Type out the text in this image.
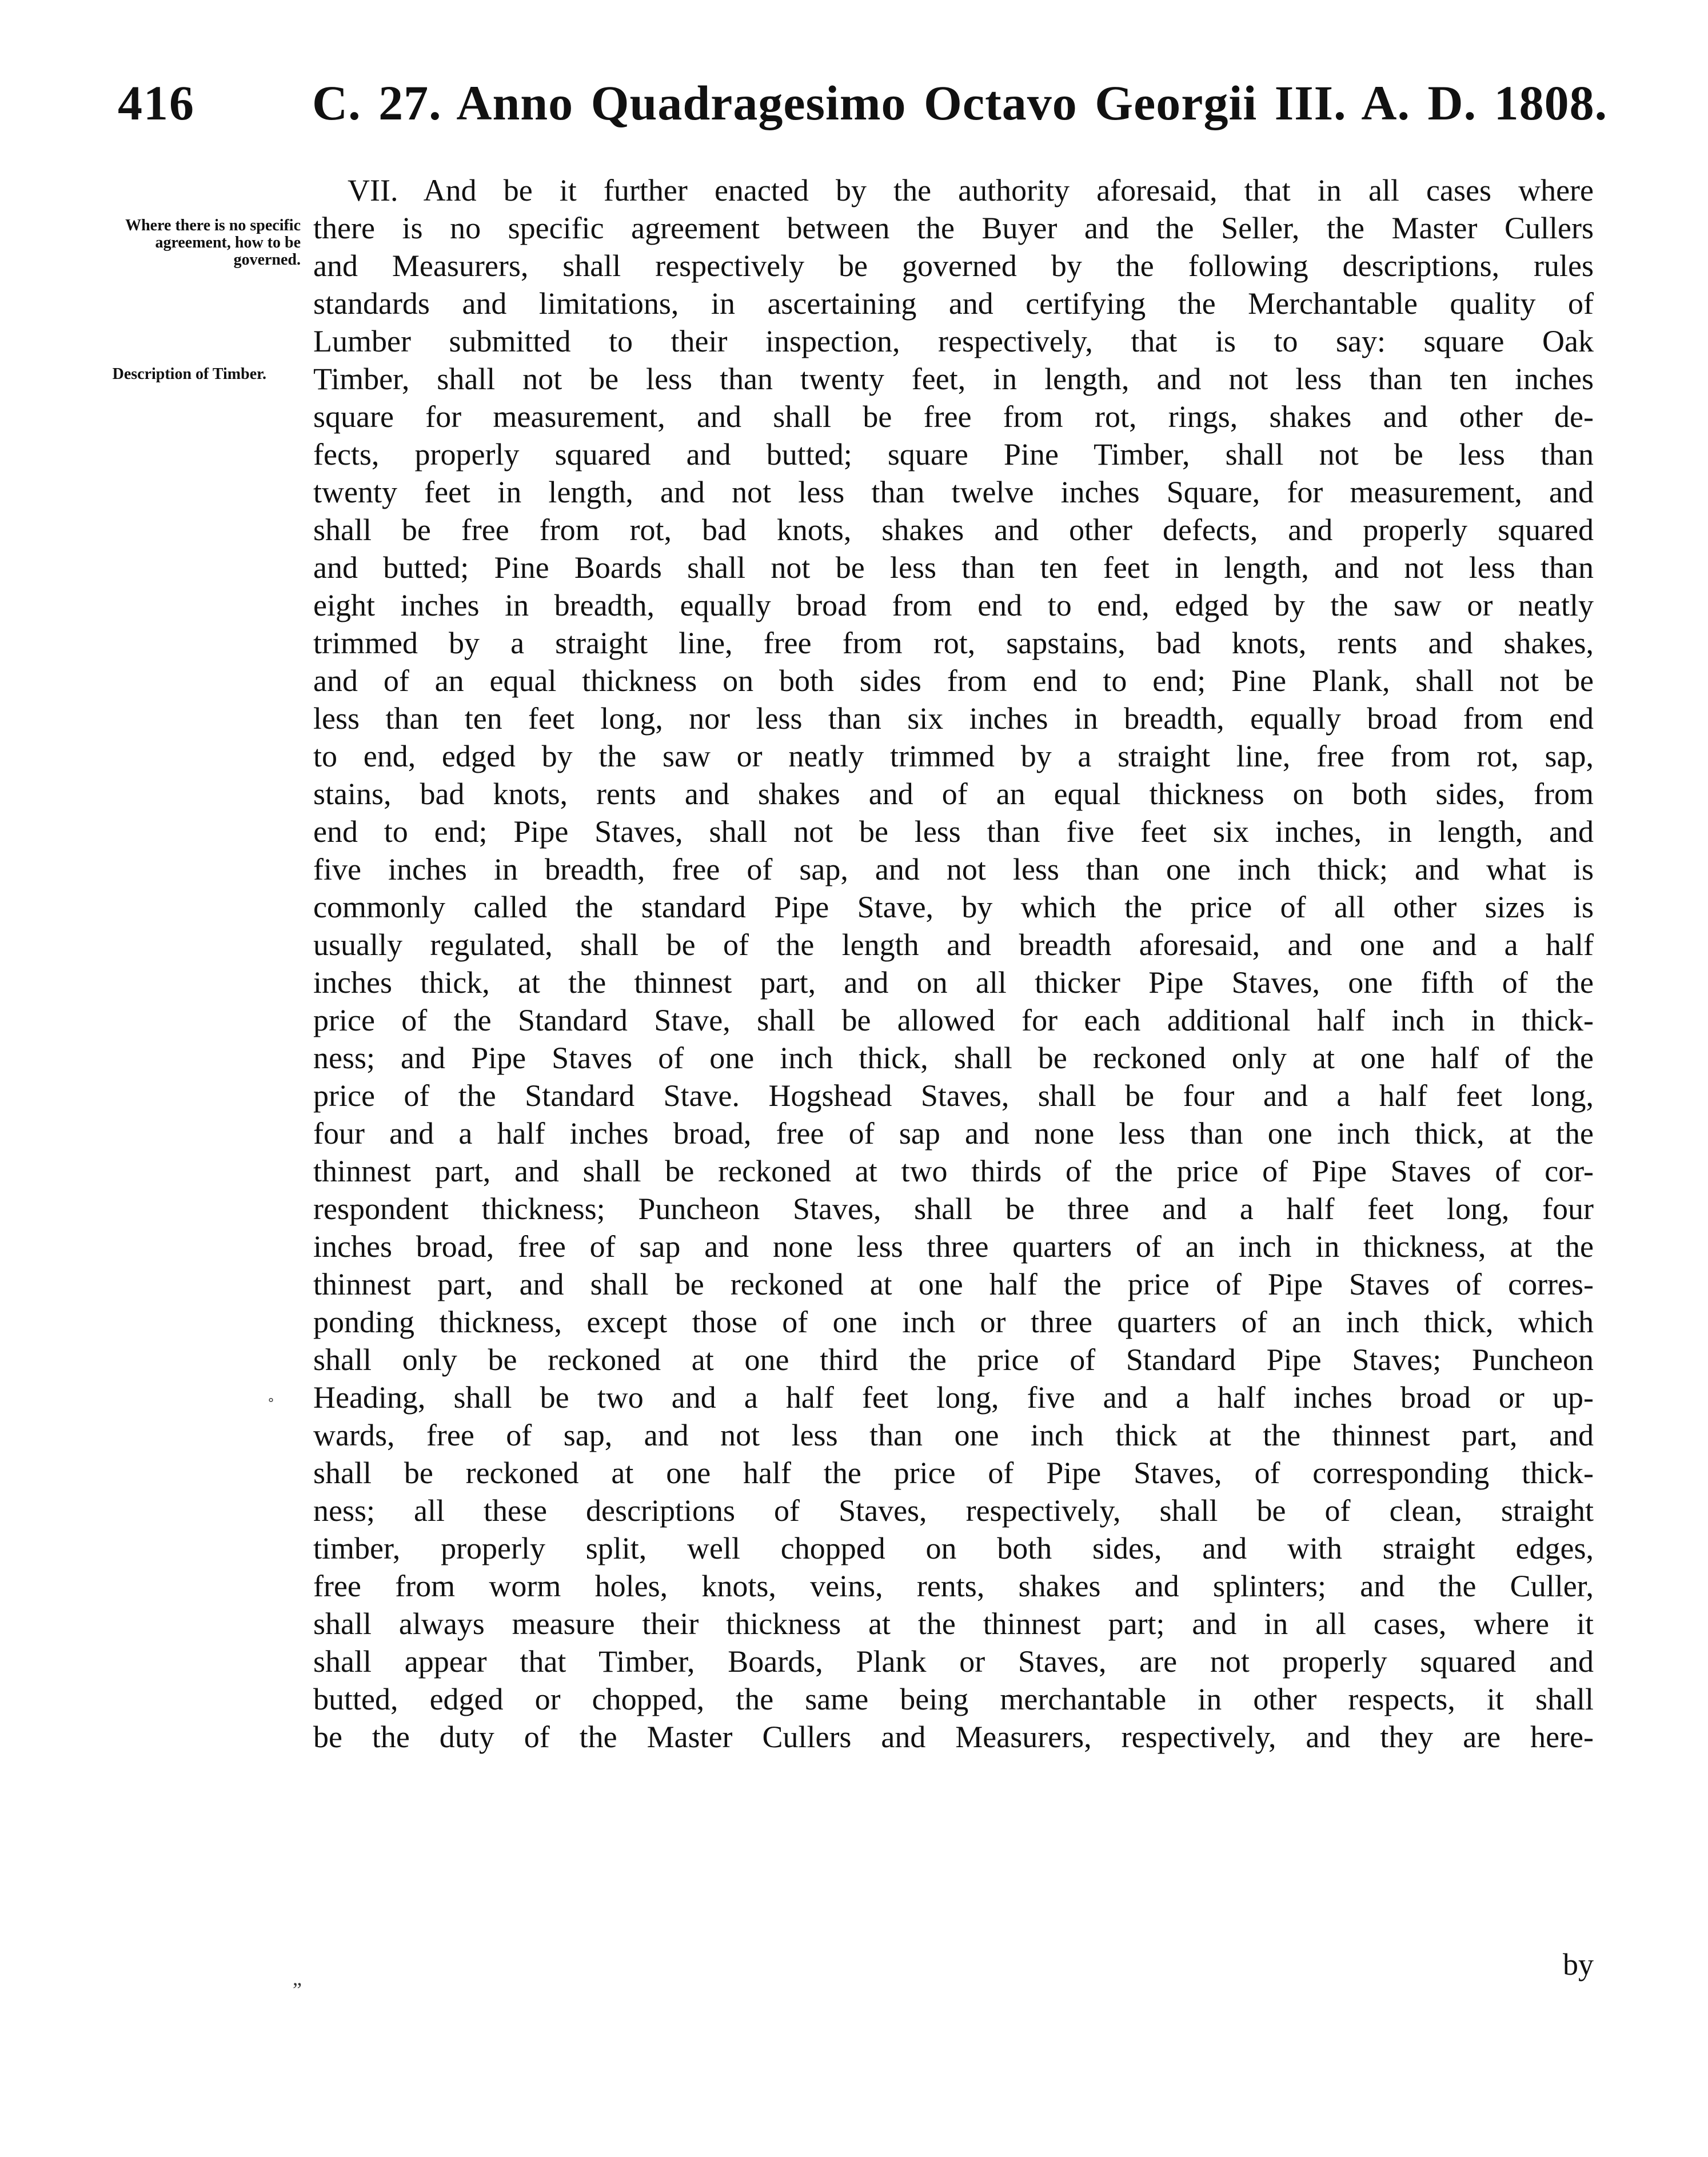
416 C. 27. Anno Quadragesimo Octavo Georgii III. A. D. 1808.
Where there is no specific agreement, how to be governed.
Description of Timber.
VII. And be it further enacted by the authority aforesaid, that in all cases where
there is no specific agreement between the Buyer and the Seller, the Master Cullers
and Measurers, shall respectively be governed by the following descriptions, rules
standards and limitations, in ascertaining and certifying the Merchantable quality of
Lumber submitted to their inspection, respectively, that is to say: square Oak
Timber, shall not be less than twenty feet, in length, and not less than ten inches
square for measurement, and shall be free from rot, rings, shakes and other de-
fects, properly squared and butted; square Pine Timber, shall not be less than
twenty feet in length, and not less than twelve inches Square, for measurement, and
shall be free from rot, bad knots, shakes and other defects, and properly squared
and butted; Pine Boards shall not be less than ten feet in length, and not less than
eight inches in breadth, equally broad from end to end, edged by the saw or neatly
trimmed by a straight line, free from rot, sapstains, bad knots, rents and shakes,
and of an equal thickness on both sides from end to end; Pine Plank, shall not be
less than ten feet long, nor less than six inches in breadth, equally broad from end
to end, edged by the saw or neatly trimmed by a straight line, free from rot, sap,
stains, bad knots, rents and shakes and of an equal thickness on both sides, from
end to end; Pipe Staves, shall not be less than five feet six inches, in length, and
five inches in breadth, free of sap, and not less than one inch thick; and what is
commonly called the standard Pipe Stave, by which the price of all other sizes is
usually regulated, shall be of the length and breadth aforesaid, and one and a half
inches thick, at the thinnest part, and on all thicker Pipe Staves, one fifth of the
price of the Standard Stave, shall be allowed for each additional half inch in thick-
ness; and Pipe Staves of one inch thick, shall be reckoned only at one half of the
price of the Standard Stave. Hogshead Staves, shall be four and a half feet long,
four and a half inches broad, free of sap and none less than one inch thick, at the
thinnest part, and shall be reckoned at two thirds of the price of Pipe Staves of cor-
respondent thickness; Puncheon Staves, shall be three and a half feet long, four
inches broad, free of sap and none less three quarters of an inch in thickness, at the
thinnest part, and shall be reckoned at one half the price of Pipe Staves of corres-
ponding thickness, except those of one inch or three quarters of an inch thick, which
shall only be reckoned at one third the price of Standard Pipe Staves; Puncheon
Heading, shall be two and a half feet long, five and a half inches broad or up-
wards, free of sap, and not less than one inch thick at the thinnest part, and
shall be reckoned at one half the price of Pipe Staves, of corresponding thick-
ness; all these descriptions of Staves, respectively, shall be of clean, straight
timber, properly split, well chopped on both sides, and with straight edges,
free from worm holes, knots, veins, rents, shakes and splinters; and the Culler,
shall always measure their thickness at the thinnest part; and in all cases, where it
shall appear that Timber, Boards, Plank or Staves, are not properly squared and
butted, edged or chopped, the same being merchantable in other respects, it shall
be the duty of the Master Cullers and Measurers, respectively, and they are here-
by
„
˳
